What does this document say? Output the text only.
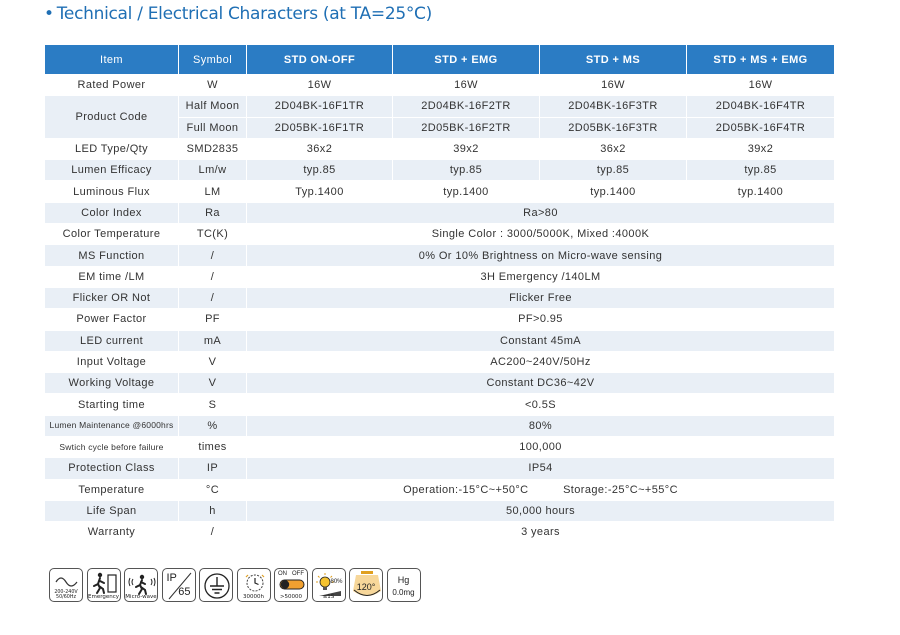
• Technical / Electrical Characters (at TA=25°C)
Item	Symbol	STD ON-OFF	STD + EMG	STD + MS	STD + MS + EMG
Rated Power	W	16W	16W	16W	16W
Product Code	Half Moon	2D04BK-16F1TR	2D04BK-16F2TR	2D04BK-16F3TR	2D04BK-16F4TR
	Full Moon	2D05BK-16F1TR	2D05BK-16F2TR	2D05BK-16F3TR	2D05BK-16F4TR
LED Type/Qty	SMD2835	36x2	39x2	36x2	39x2
Lumen Efficacy	Lm/w	typ.85	typ.85	typ.85	typ.85
Luminous Flux	LM	Typ.1400	typ.1400	typ.1400	typ.1400
Color Index	Ra	Ra>80			
Color Temperature	TC(K)	Single Color : 3000/5000K, Mixed :4000K			
MS Function	/	0% Or 10% Brightness on Micro-wave sensing			
EM time /LM	/	3H Emergency /140LM			
Flicker OR Not	/	Flicker Free			
Power Factor	PF	PF>0.95			
LED current	mA	Constant 45mA			
Input Voltage	V	AC200~240V/50Hz			
Working Voltage	V	Constant DC36~42V			
Starting time	S	<0.5S			
Lumen Maintenance @6000hrs	%	80%			
Swtich cycle before failure	times	100,000			
Protection Class	IP	IP54			
Temperature	°C	Operation:-15°C~+50°C          Storage:-25°C~+55°C			
Life Span	h	50,000 hours			
Warranty	/	3 years			
200-240V 50/60Hz	Emergency Micro-wave
IP
65	30000h
ON OFF
>50000
80%
≤1S
120°
Hg
0.0mg
